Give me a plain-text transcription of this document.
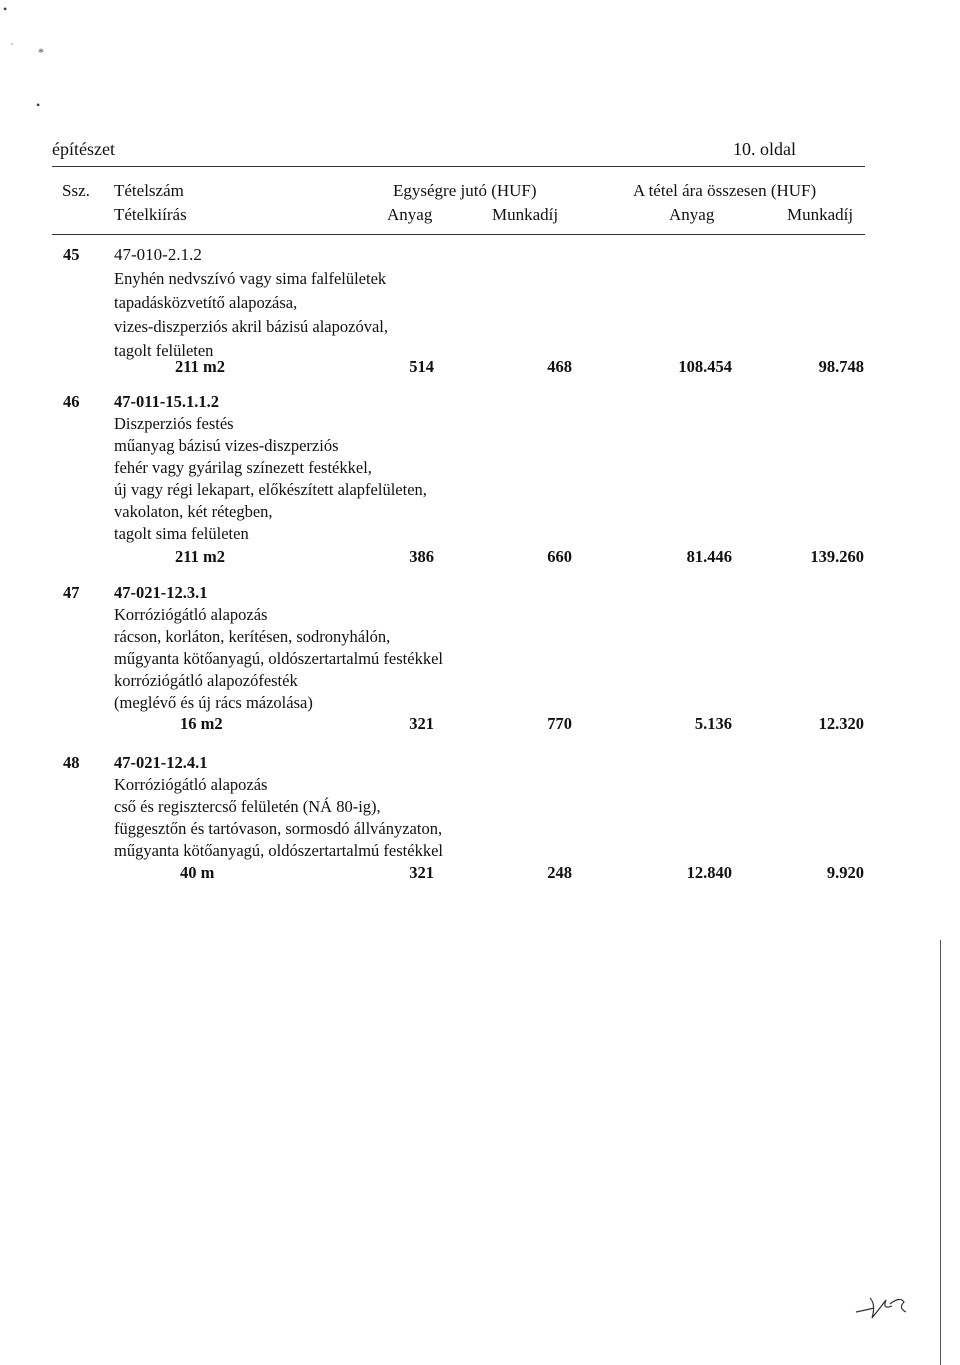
•
˙ *
•
építészet	10. oldal
Ssz. Tételszám
Tételkiírás
Egységre jutó (HUF)	A tétel ára összesen (HUF)
Anyag	Munkadíj	Anyag	Munkadíj
45 47-010-2.1.2
Enyhén nedvszívó vagy sima falfelületek
tapadásközvetítő alapozása,
vizes-diszperziós akril bázisú alapozóval,
tagolt felületen
211 m2	514	468	108.454	98.748
46 47-011-15.1.1.2
Diszperziós festés
műanyag bázisú vizes-diszperziós
fehér vagy gyárilag színezett festékkel,
új vagy régi lekapart, előkészített alapfelületen,
vakolaton, két rétegben,
tagolt sima felületen
211 m2	386	660	81.446	139.260
47 47-021-12.3.1
Korróziógátló alapozás
rácson, korláton, kerítésen, sodronyhálón,
műgyanta kötőanyagú, oldószertartalmú festékkel
korróziógátló alapozófesték
(meglévő és új rács mázolása)
16 m2	321	770	5.136	12.320
48 47-021-12.4.1
Korróziógátló alapozás
cső és regisztercső felületén (NÁ 80-ig),
függesztőn és tartóvason, sormosdó állványzaton,
műgyanta kötőanyagú, oldószertartalmú festékkel
40 m	321	248	12.840	9.920
